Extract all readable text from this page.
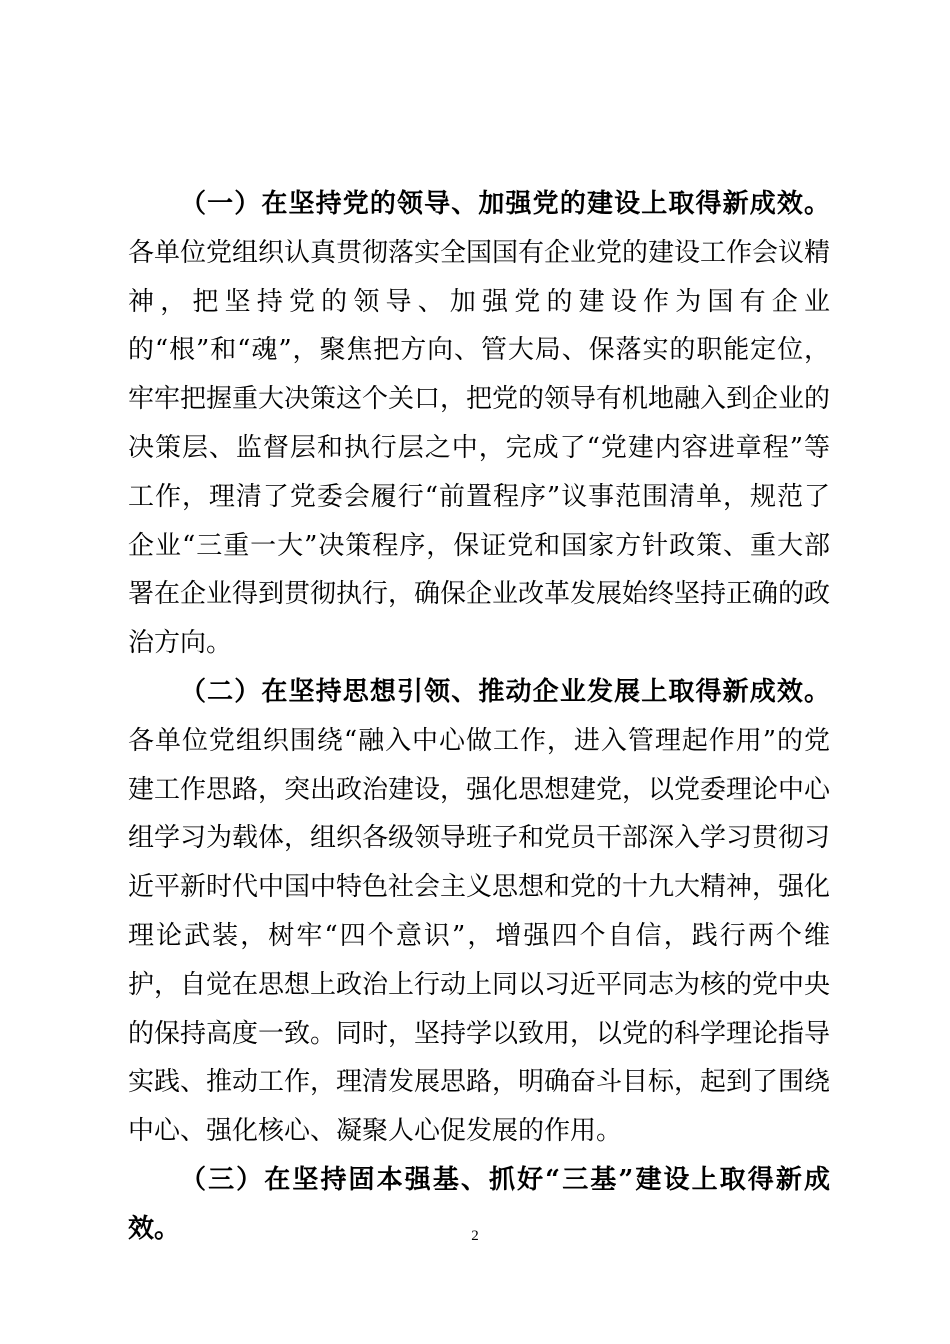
（一）在坚持党的领导、加强党的建设上取得新成效。各单位党组织认真贯彻落实全国国有企业党的建设工作会议精神，把坚持党的领导、加强党的建设作为国有企业的“根”和“魂”，聚焦把方向、管大局、保落实的职能定位，牢牢把握重大决策这个关口，把党的领导有机地融入到企业的决策层、监督层和执行层之中，完成了“党建内容进章程”等工作，理清了党委会履行“前置程序”议事范围清单，规范了企业“三重一大”决策程序，保证党和国家方针政策、重大部署在企业得到贯彻执行，确保企业改革发展始终坚持正确的政治方向。

（二）在坚持思想引领、推动企业发展上取得新成效。各单位党组织围绕“融入中心做工作，进入管理起作用”的党建工作思路，突出政治建设，强化思想建党，以党委理论中心组学习为载体，组织各级领导班子和党员干部深入学习贯彻习近平新时代中国中特色社会主义思想和党的十九大精神，强化理论武装，树牢“四个意识”，增强四个自信，践行两个维护，自觉在思想上政治上行动上同以习近平同志为核的党中央的保持高度一致。同时，坚持学以致用，以党的科学理论指导实践、推动工作，理清发展思路，明确奋斗目标，起到了围绕中心、强化核心、凝聚人心促发展的作用。

（三）在坚持固本强基、抓好“三基”建设上取得新成效。	2
